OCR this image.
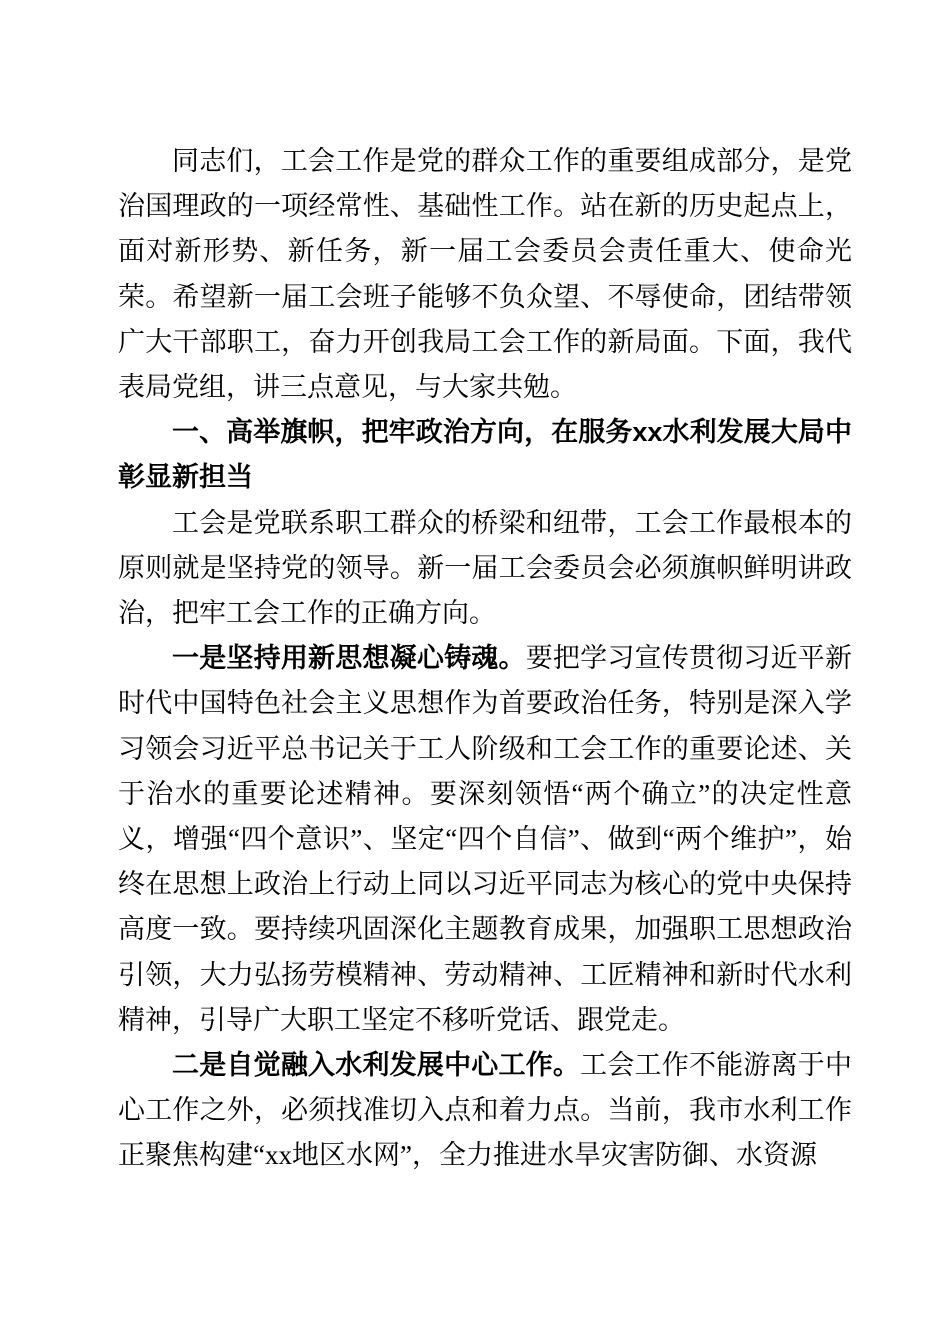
同志们，工会工作是党的群众工作的重要组成部分，是党治国理政的一项经常性、基础性工作。站在新的历史起点上，面对新形势、新任务，新一届工会委员会责任重大、使命光荣。希望新一届工会班子能够不负众望、不辱使命，团结带领广大干部职工，奋力开创我局工会工作的新局面。下面，我代表局党组，讲三点意见，与大家共勉。

一、高举旗帜，把牢政治方向，在服务xx水利发展大局中彰显新担当

工会是党联系职工群众的桥梁和纽带，工会工作最根本的原则就是坚持党的领导。新一届工会委员会必须旗帜鲜明讲政治，把牢工会工作的正确方向。

一是坚持用新思想凝心铸魂。要把学习宣传贯彻习近平新时代中国特色社会主义思想作为首要政治任务，特别是深入学习领会习近平总书记关于工人阶级和工会工作的重要论述、关于治水的重要论述精神。要深刻领悟“两个确立”的决定性意义，增强“四个意识”、坚定“四个自信”、做到“两个维护”，始终在思想上政治上行动上同以习近平同志为核心的党中央保持高度一致。要持续巩固深化主题教育成果，加强职工思想政治引领，大力弘扬劳模精神、劳动精神、工匠精神和新时代水利精神，引导广大职工坚定不移听党话、跟党走。

二是自觉融入水利发展中心工作。工会工作不能游离于中心工作之外，必须找准切入点和着力点。当前，我市水利工作正聚焦构建“xx地区水网”，全力推进水旱灾害防御、水资源
